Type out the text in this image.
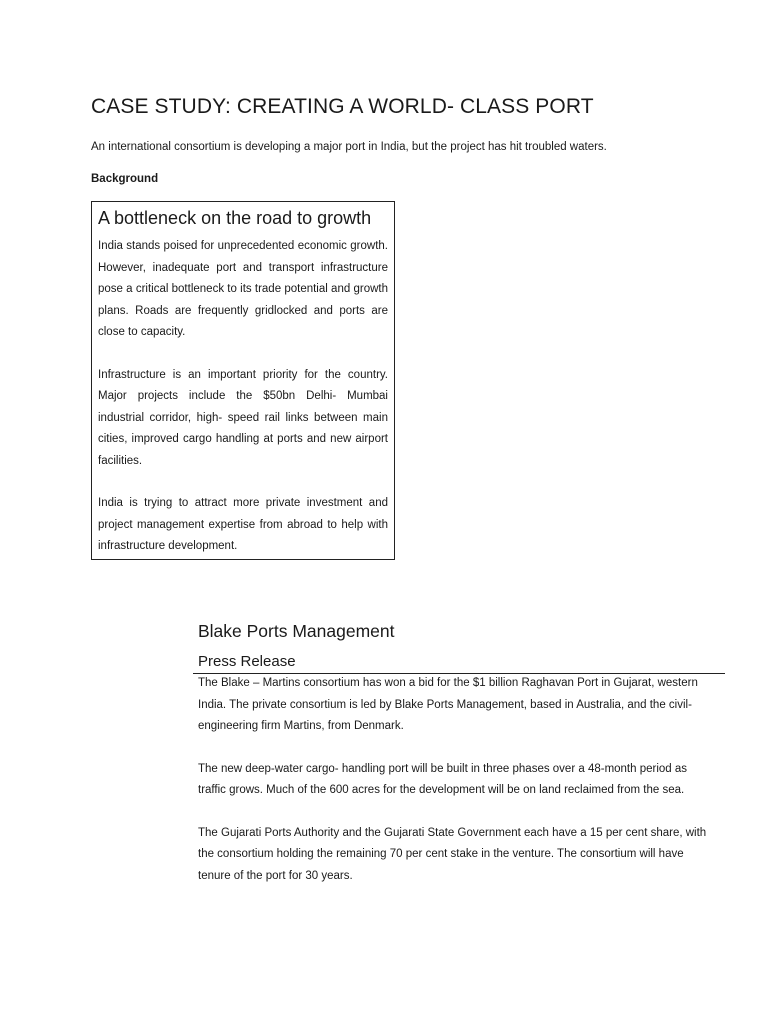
CASE STUDY: CREATING A WORLD- CLASS PORT

An international consortium is developing a major port in India, but the project has hit troubled waters.

Background

A bottleneck on the road to growth

India stands poised for unprecedented economic growth. However, inadequate port and transport infrastructure pose a critical bottleneck to its trade potential and growth plans. Roads are frequently gridlocked and ports are close to capacity.

Infrastructure is an important priority for the country. Major projects include the $50bn Delhi- Mumbai industrial corridor, high- speed rail links between main cities, improved cargo handling at ports and new airport facilities.

India is trying to attract more private investment and project management expertise from abroad to help with infrastructure development.

Blake Ports Management
Press Release

The Blake – Martins consortium has won a bid for the $1 billion Raghavan Port in Gujarat, western India. The private consortium is led by Blake Ports Management, based in Australia, and the civil-engineering firm Martins, from Denmark.

The new deep-water cargo- handling port will be built in three phases over a 48-month period as traffic grows. Much of the 600 acres for the development will be on land reclaimed from the sea.

The Gujarati Ports Authority and the Gujarati State Government each have a 15 per cent share, with the consortium holding the remaining 70 per cent stake in the venture. The consortium will have tenure of the port for 30 years.
